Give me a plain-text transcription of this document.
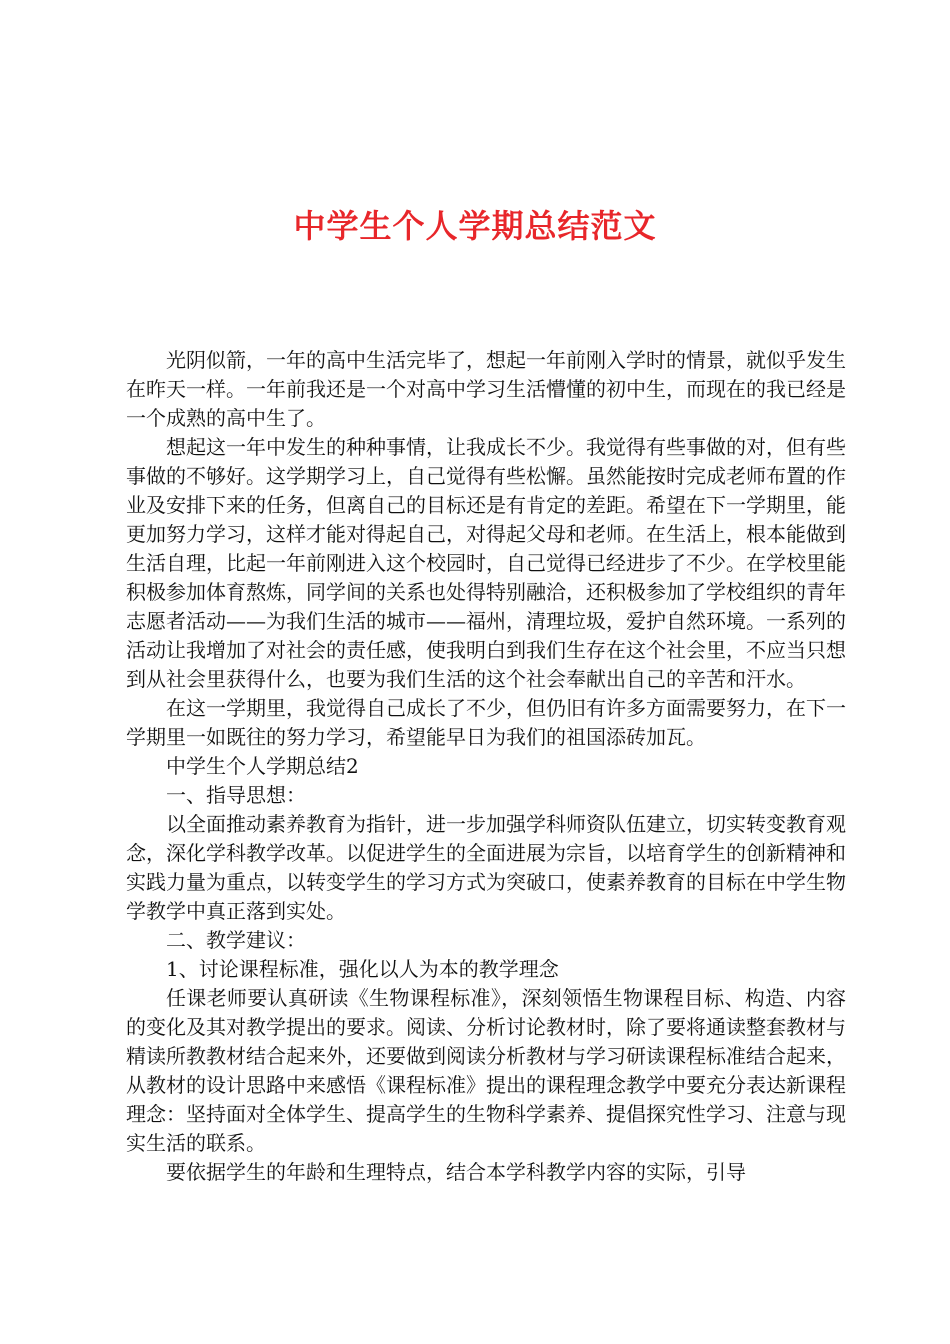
中学生个人学期总结范文

光阴似箭，一年的高中生活完毕了，想起一年前刚入学时的情景，就似乎发生在昨天一样。一年前我还是一个对高中学习生活懵懂的初中生，而现在的我已经是一个成熟的高中生了。

想起这一年中发生的种种事情，让我成长不少。我觉得有些事做的对，但有些事做的不够好。这学期学习上，自己觉得有些松懈。虽然能按时完成老师布置的作业及安排下来的任务，但离自己的目标还是有肯定的差距。希望在下一学期里，能更加努力学习，这样才能对得起自己，对得起父母和老师。在生活上，根本能做到生活自理，比起一年前刚进入这个校园时，自己觉得已经进步了不少。在学校里能积极参加体育熬炼，同学间的关系也处得特别融洽，还积极参加了学校组织的青年志愿者活动——为我们生活的城市——福州，清理垃圾，爱护自然环境。一系列的活动让我增加了对社会的责任感，使我明白到我们生存在这个社会里，不应当只想到从社会里获得什么，也要为我们生活的这个社会奉献出自己的辛苦和汗水。

在这一学期里，我觉得自己成长了不少，但仍旧有许多方面需要努力，在下一学期里一如既往的努力学习，希望能早日为我们的祖国添砖加瓦。

中学生个人学期总结2

一、指导思想：

以全面推动素养教育为指针，进一步加强学科师资队伍建立，切实转变教育观念，深化学科教学改革。以促进学生的全面进展为宗旨，以培育学生的创新精神和实践力量为重点，以转变学生的学习方式为突破口，使素养教育的目标在中学生物学教学中真正落到实处。

二、教学建议：

1、讨论课程标准，强化以人为本的教学理念

任课老师要认真研读《生物课程标准》，深刻领悟生物课程目标、构造、内容的变化及其对教学提出的要求。阅读、分析讨论教材时，除了要将通读整套教材与精读所教教材结合起来外，还要做到阅读分析教材与学习研读课程标准结合起来，从教材的设计思路中来感悟《课程标准》提出的课程理念教学中要充分表达新课程理念：坚持面对全体学生、提高学生的生物科学素养、提倡探究性学习、注意与现实生活的联系。

要依据学生的年龄和生理特点，结合本学科教学内容的实际，引导
